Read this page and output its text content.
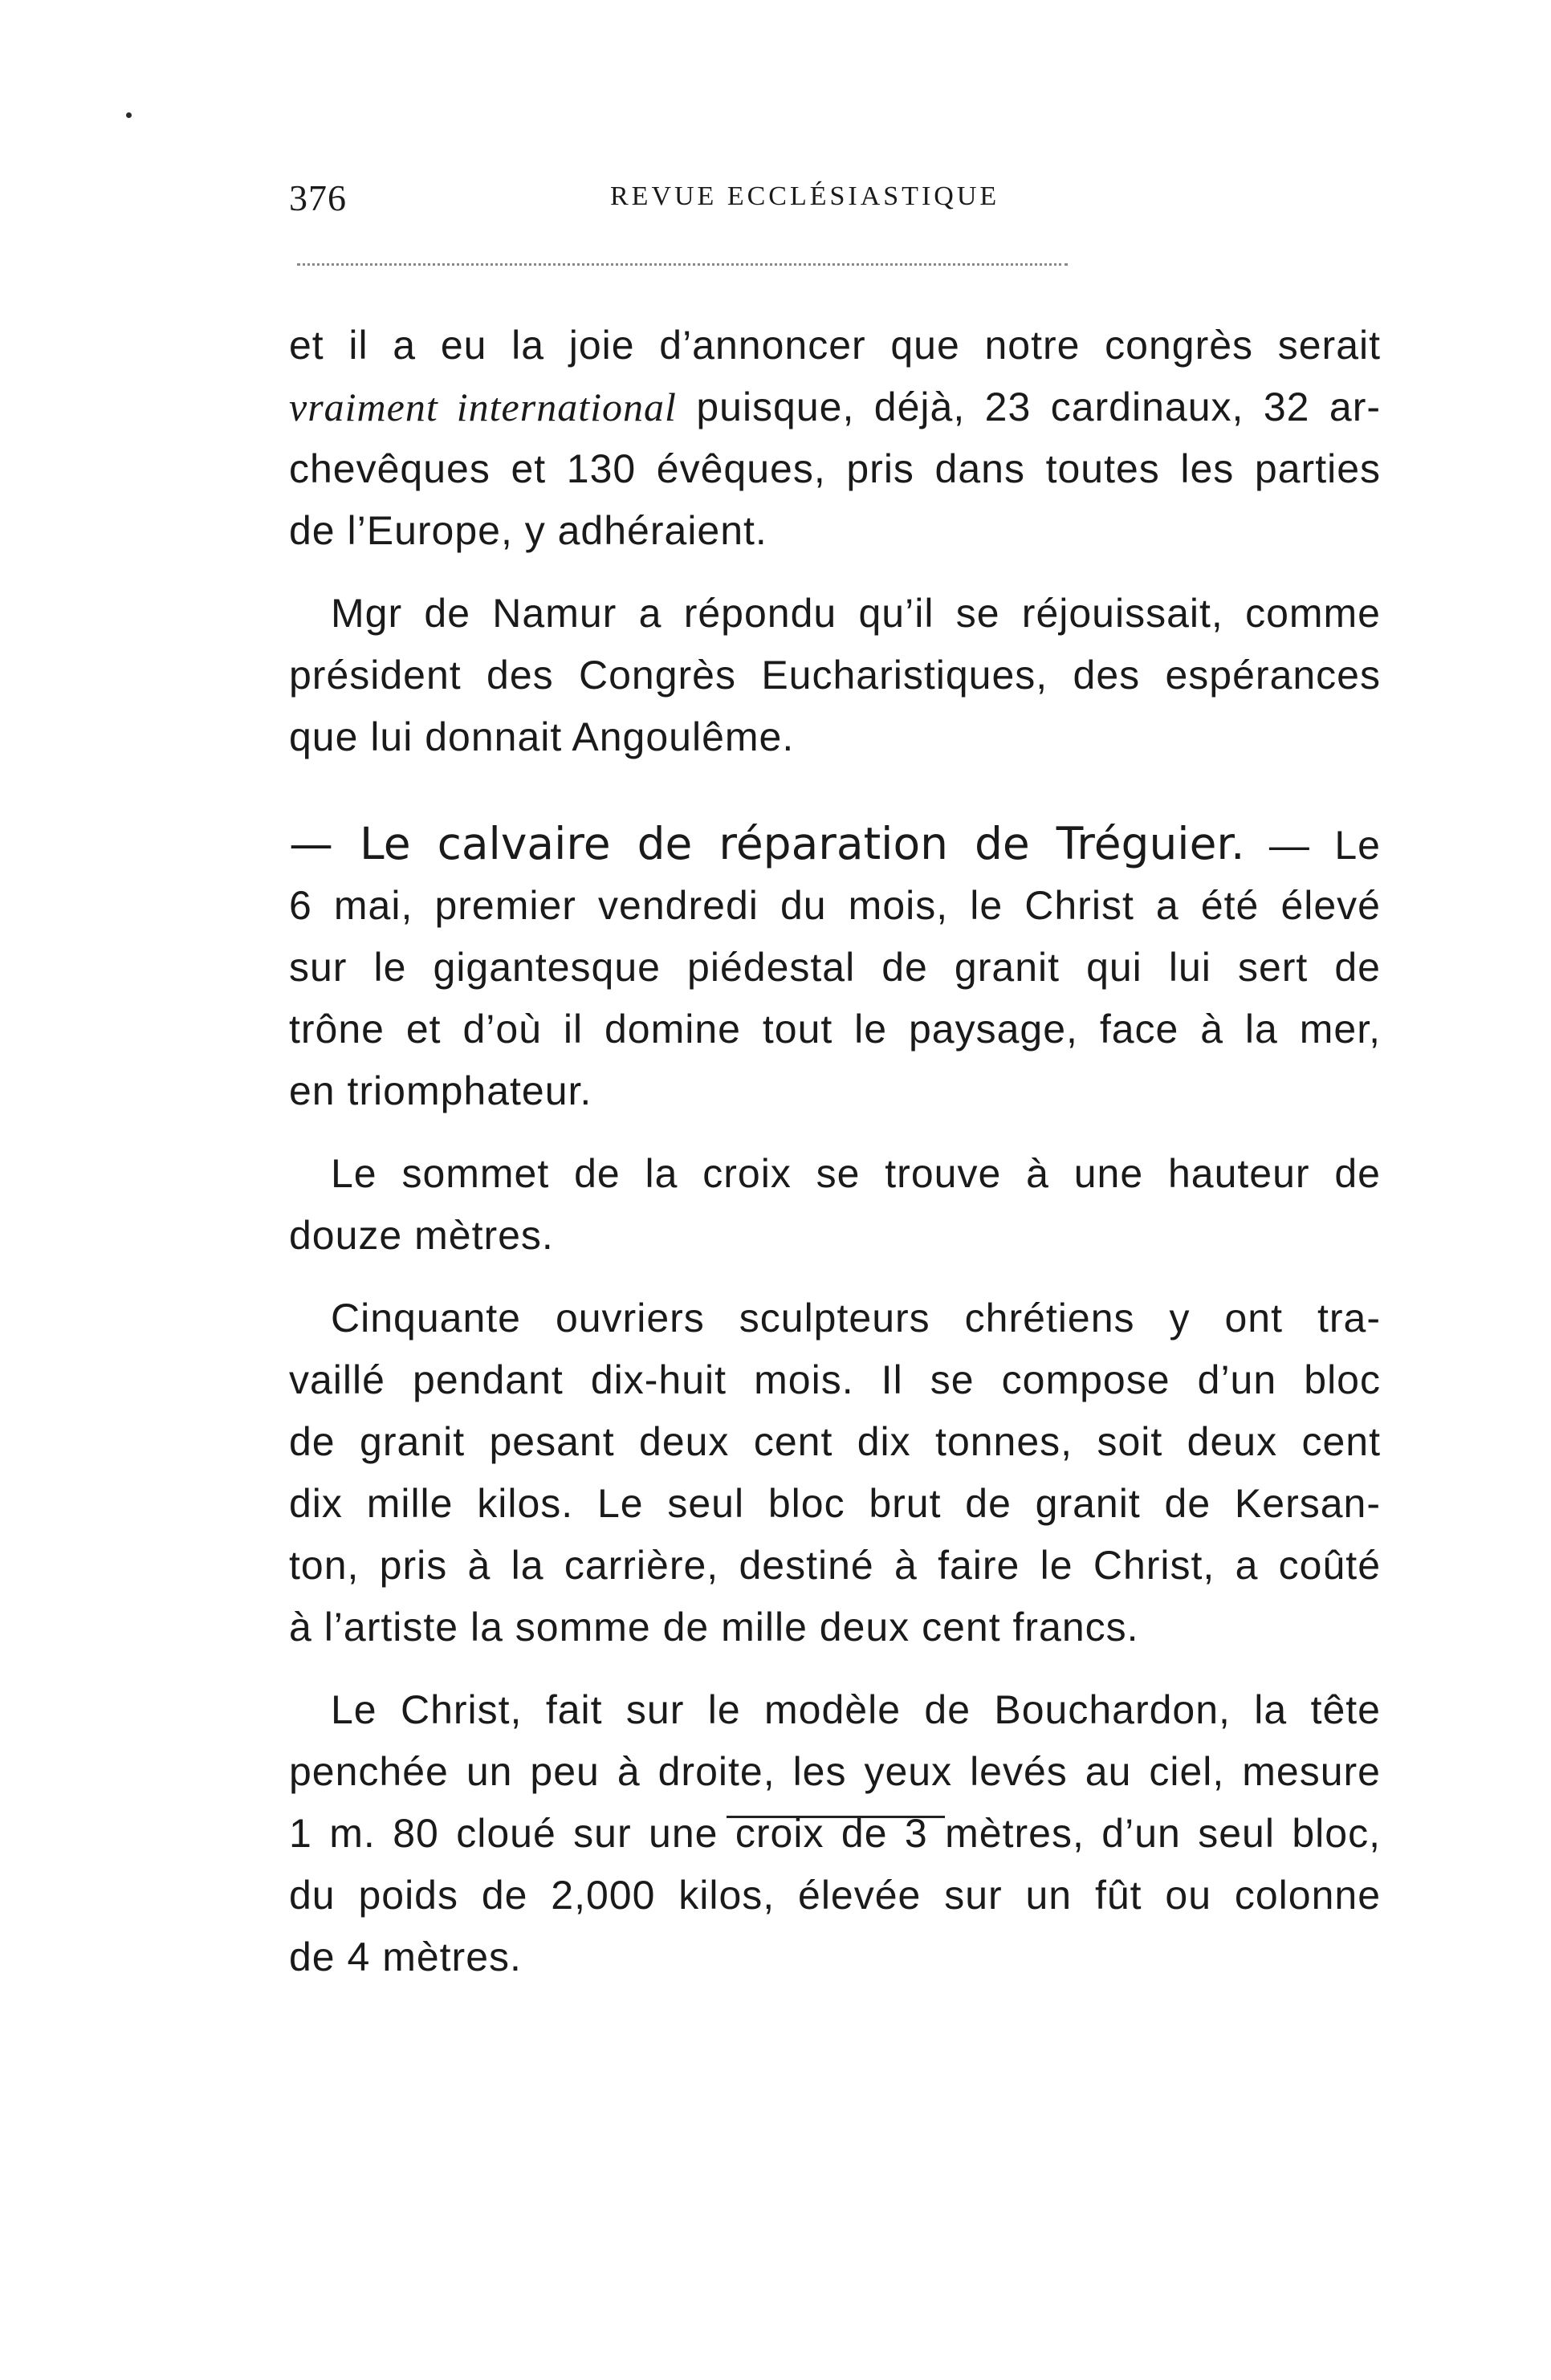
376	REVUE ECCLÉSIASTIQUE
et il a eu la joie d’annoncer que notre congrès serait
vraiment international puisque, déjà, 23 cardinaux, 32 ar-
chevêques et 130 évêques, pris dans toutes les parties
de l’Europe, y adhéraient.
Mgr de Namur a répondu qu’il se réjouissait, comme
président des Congrès Eucharistiques, des espérances
que lui donnait Angoulême.
— Le calvaire de réparation de Tréguier. — Le
6 mai, premier vendredi du mois, le Christ a été élevé
sur le gigantesque piédestal de granit qui lui sert de
trône et d’où il domine tout le paysage, face à la mer,
en triomphateur.
Le sommet de la croix se trouve à une hauteur de
douze mètres.
Cinquante ouvriers sculpteurs chrétiens y ont tra-
vaillé pendant dix-huit mois. Il se compose d’un bloc
de granit pesant deux cent dix tonnes, soit deux cent
dix mille kilos. Le seul bloc brut de granit de Kersan-
ton, pris à la carrière, destiné à faire le Christ, a coûté
à l’artiste la somme de mille deux cent francs.
Le Christ, fait sur le modèle de Bouchardon, la tête
penchée un peu à droite, les yeux levés au ciel, mesure
1 m. 80 cloué sur une croix de 3 mètres, d’un seul bloc,
du poids de 2,000 kilos, élevée sur un fût ou colonne
de 4 mètres.
